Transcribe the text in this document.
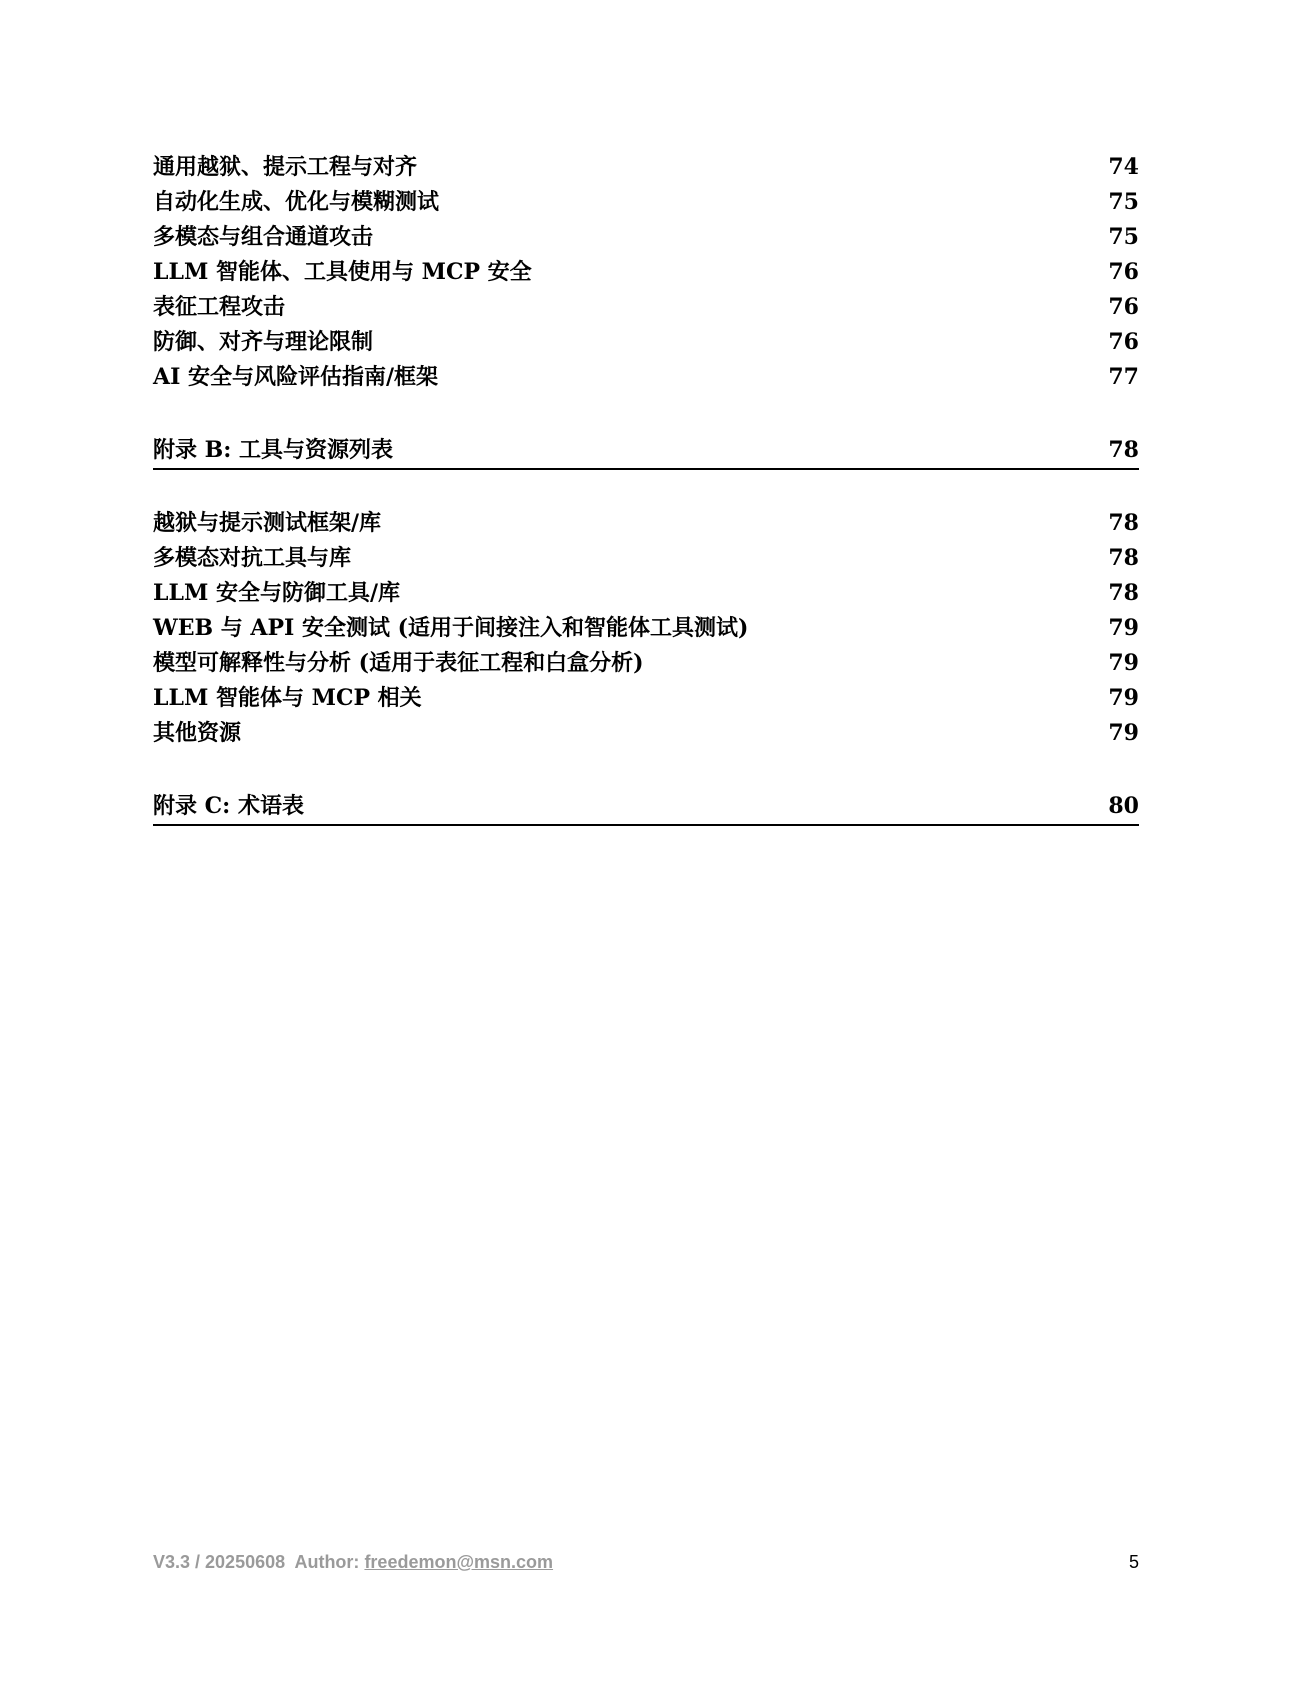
通用越狱、提示工程与对齐	74
自动化生成、优化与模糊测试	75
多模态与组合通道攻击	75
LLM 智能体、工具使用与 MCP 安全	76
表征工程攻击	76
防御、对齐与理论限制	76
AI 安全与风险评估指南/框架	77
附录 B: 工具与资源列表	78
越狱与提示测试框架/库	78
多模态对抗工具与库	78
LLM 安全与防御工具/库	78
WEB 与 API 安全测试 (适用于间接注入和智能体工具测试)	79
模型可解释性与分析 (适用于表征工程和白盒分析)	79
LLM 智能体与 MCP 相关	79
其他资源	79
附录 C: 术语表	80
V3.3 / 20250608  Author: freedemon@msn.com	5
